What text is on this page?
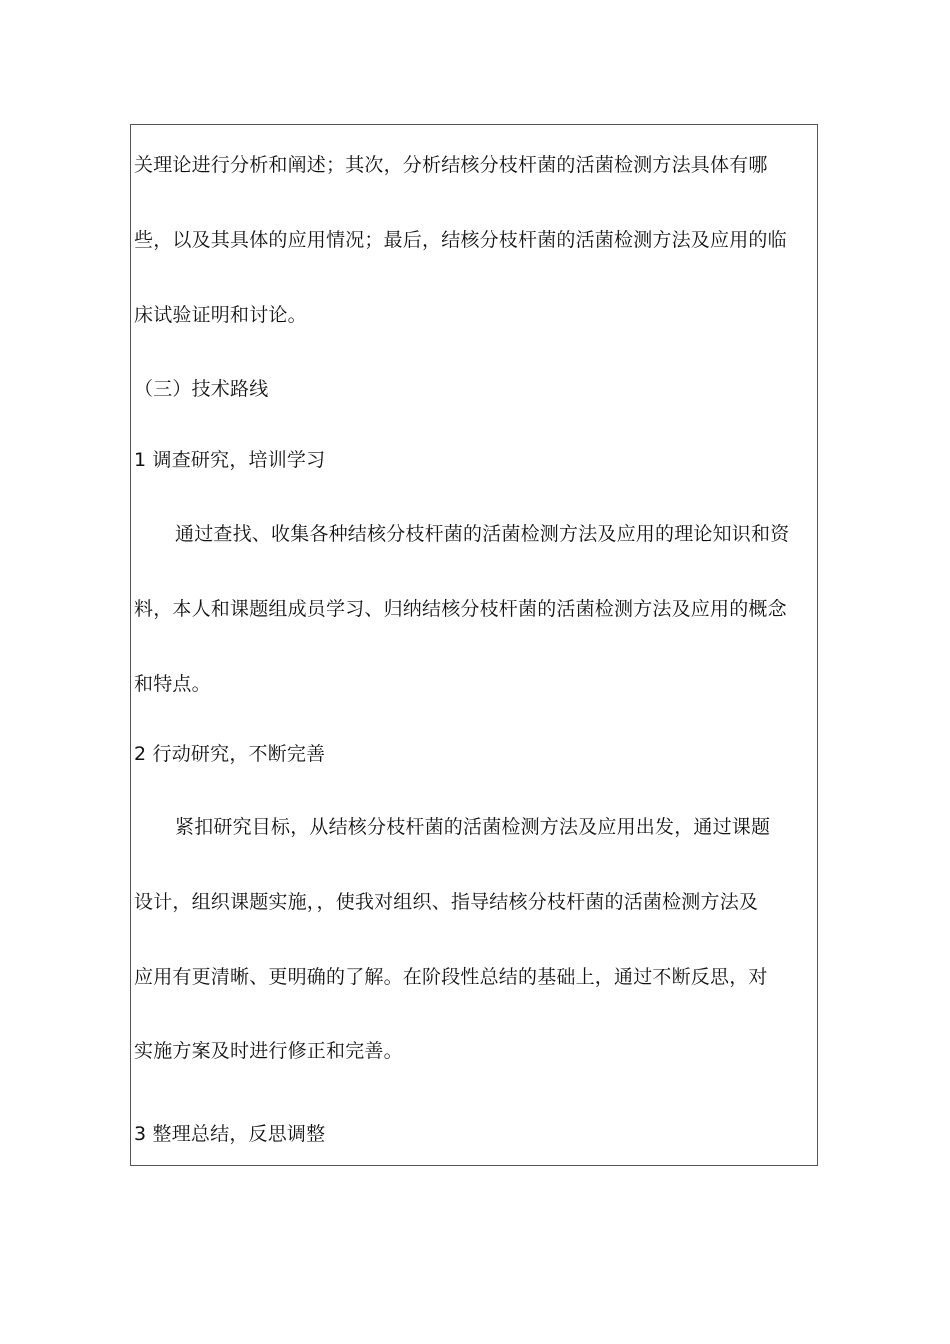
关理论进行分析和阐述；其次，分析结核分枝杆菌的活菌检测方法具体有哪
些，以及其具体的应用情况；最后，结核分枝杆菌的活菌检测方法及应用的临
床试验证明和讨论。
（三）技术路线
1 调查研究，培训学习
通过查找、收集各种结核分枝杆菌的活菌检测方法及应用的理论知识和资
料，本人和课题组成员学习、归纳结核分枝杆菌的活菌检测方法及应用的概念
和特点。
2 行动研究，不断完善
紧扣研究目标，从结核分枝杆菌的活菌检测方法及应用出发，通过课题
设计，组织课题实施，，使我对组织、指导结核分枝杆菌的活菌检测方法及
应用有更清晰、更明确的了解。在阶段性总结的基础上，通过不断反思，对
实施方案及时进行修正和完善。
3 整理总结，反思调整
